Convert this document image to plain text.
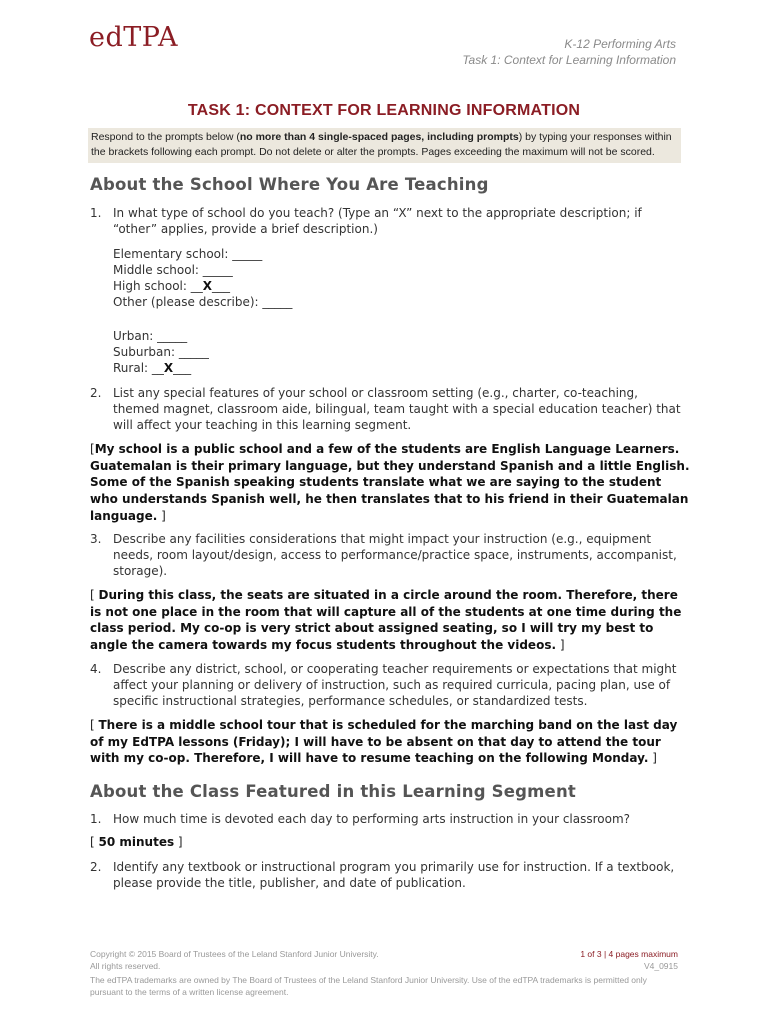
edTPA	K-12 Performing Arts
Task 1: Context for Learning Information
TASK 1: CONTEXT FOR LEARNING INFORMATION
Respond to the prompts below (no more than 4 single-spaced pages, including prompts) by typing your responses within the brackets following each prompt. Do not delete or alter the prompts. Pages exceeding the maximum will not be scored.
About the School Where You Are Teaching
1. In what type of school do you teach? (Type an “X” next to the appropriate description; if “other” applies, provide a brief description.)
Elementary school: _____
Middle school: _____
High school: __X___
Other (please describe): _____
Urban: _____
Suburban: _____
Rural: __X___
2. List any special features of your school or classroom setting (e.g., charter, co-teaching, themed magnet, classroom aide, bilingual, team taught with a special education teacher) that will affect your teaching in this learning segment.
[My school is a public school and a few of the students are English Language Learners. Guatemalan is their primary language, but they understand Spanish and a little English. Some of the Spanish speaking students translate what we are saying to the student who understands Spanish well, he then translates that to his friend in their Guatemalan language. ]
3. Describe any facilities considerations that might impact your instruction (e.g., equipment needs, room layout/design, access to performance/practice space, instruments, accompanist, storage).
[ During this class, the seats are situated in a circle around the room. Therefore, there is not one place in the room that will capture all of the students at one time during the class period. My co-op is very strict about assigned seating, so I will try my best to angle the camera towards my focus students throughout the videos. ]
4. Describe any district, school, or cooperating teacher requirements or expectations that might affect your planning or delivery of instruction, such as required curricula, pacing plan, use of specific instructional strategies, performance schedules, or standardized tests.
[ There is a middle school tour that is scheduled for the marching band on the last day of my EdTPA lessons (Friday); I will have to be absent on that day to attend the tour with my co-op. Therefore, I will have to resume teaching on the following Monday. ]
About the Class Featured in this Learning Segment
1. How much time is devoted each day to performing arts instruction in your classroom?
[ 50 minutes ]
2. Identify any textbook or instructional program you primarily use for instruction. If a textbook, please provide the title, publisher, and date of publication.
Copyright © 2015 Board of Trustees of the Leland Stanford Junior University.
All rights reserved.
1 of 3 | 4 pages maximum
V4_0915
The edTPA trademarks are owned by The Board of Trustees of the Leland Stanford Junior University. Use of the edTPA trademarks is permitted only pursuant to the terms of a written license agreement.
